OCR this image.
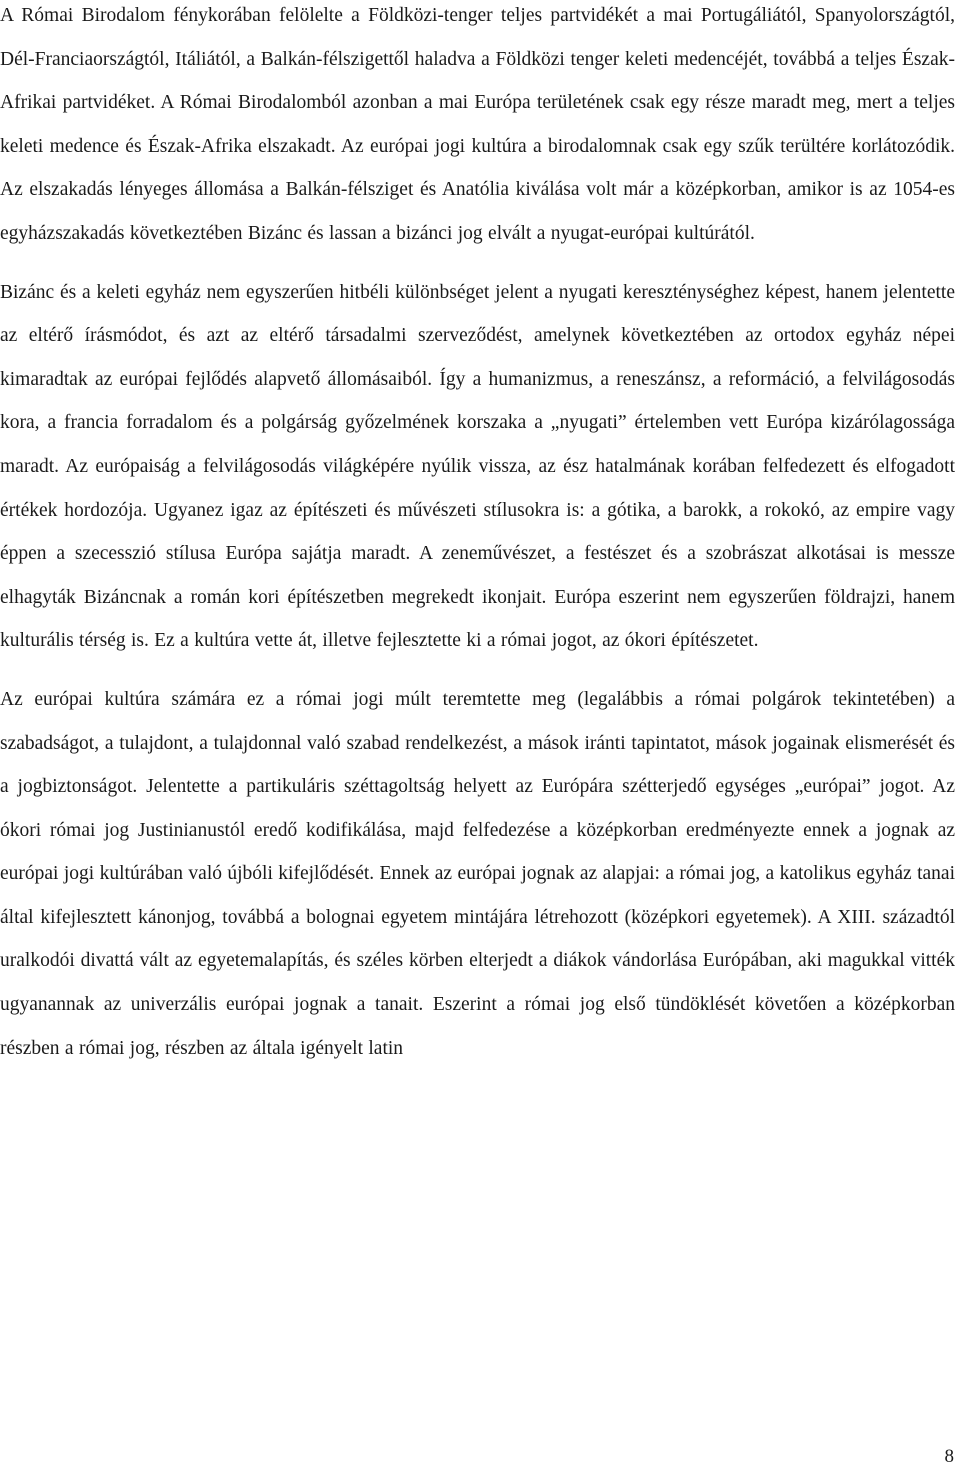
A Római Birodalom fénykorában felölelte a Földközi-tenger teljes partvidékét a mai Portugáliától, Spanyolországtól, Dél-Franciaországtól, Itáliától, a Balkán-félszigettől haladva a Földközi tenger keleti medencéjét, továbbá a teljes Észak-Afrikai partvidéket. A Római Birodalomból azonban a mai Európa területének csak egy része maradt meg, mert a teljes keleti medence és Észak-Afrika elszakadt. Az európai jogi kultúra a birodalomnak csak egy szűk terültére korlátozódik. Az elszakadás lényeges állomása a Balkán-félsziget és Anatólia kiválása volt már a középkorban, amikor is az 1054-es egyházszakadás következtében Bizánc és lassan a bizánci jog elvált a nyugat-európai kultúrától.

Bizánc és a keleti egyház nem egyszerűen hitbéli különbséget jelent a nyugati kereszténységhez képest, hanem jelentette az eltérő írásmódot, és azt az eltérő társadalmi szerveződést, amelynek következtében az ortodox egyház népei kimaradtak az európai fejlődés alapvető állomásaiból. Így a humanizmus, a reneszánsz, a reformáció, a felvilágosodás kora, a francia forradalom és a polgárság győzelmének korszaka a „nyugati” értelemben vett Európa kizárólagossága maradt. Az európaiság a felvilágosodás világképére nyúlik vissza, az ész hatalmának korában felfedezett és elfogadott értékek hordozója. Ugyanez igaz az építészeti és művészeti stílusokra is: a gótika, a barokk, a rokokó, az empire vagy éppen a szecesszió stílusa Európa sajátja maradt. A zeneművészet, a festészet és a szobrászat alkotásai is messze elhagyták Bizáncnak a román kori építészetben megrekedt ikonjait. Európa eszerint nem egyszerűen földrajzi, hanem kulturális térség is. Ez a kultúra vette át, illetve fejlesztette ki a római jogot, az ókori építészetet.

Az európai kultúra számára ez a római jogi múlt teremtette meg (legalábbis a római polgárok tekintetében) a szabadságot, a tulajdont, a tulajdonnal való szabad rendelkezést, a mások iránti tapintatot, mások jogainak elismerését és a jogbiztonságot. Jelentette a partikuláris széttagoltság helyett az Európára szétterjedő egységes „európai” jogot. Az ókori római jog Justinianustól eredő kodifikálása, majd felfedezése a középkorban eredményezte ennek a jognak az európai jogi kultúrában való újbóli kifejlődését. Ennek az európai jognak az alapjai: a római jog, a katolikus egyház tanai által kifejlesztett kánonjog, továbbá a bolognai egyetem mintájára létrehozott (középkori egyetemek). A XIII. századtól uralkodói divattá vált az egyetemalapítás, és széles körben elterjedt a diákok vándorlása Európában, aki magukkal vitték ugyanannak az univerzális európai jognak a tanait. Eszerint a római jog első tündöklését követően a középkorban részben a római jog, részben az általa igényelt latin

8
